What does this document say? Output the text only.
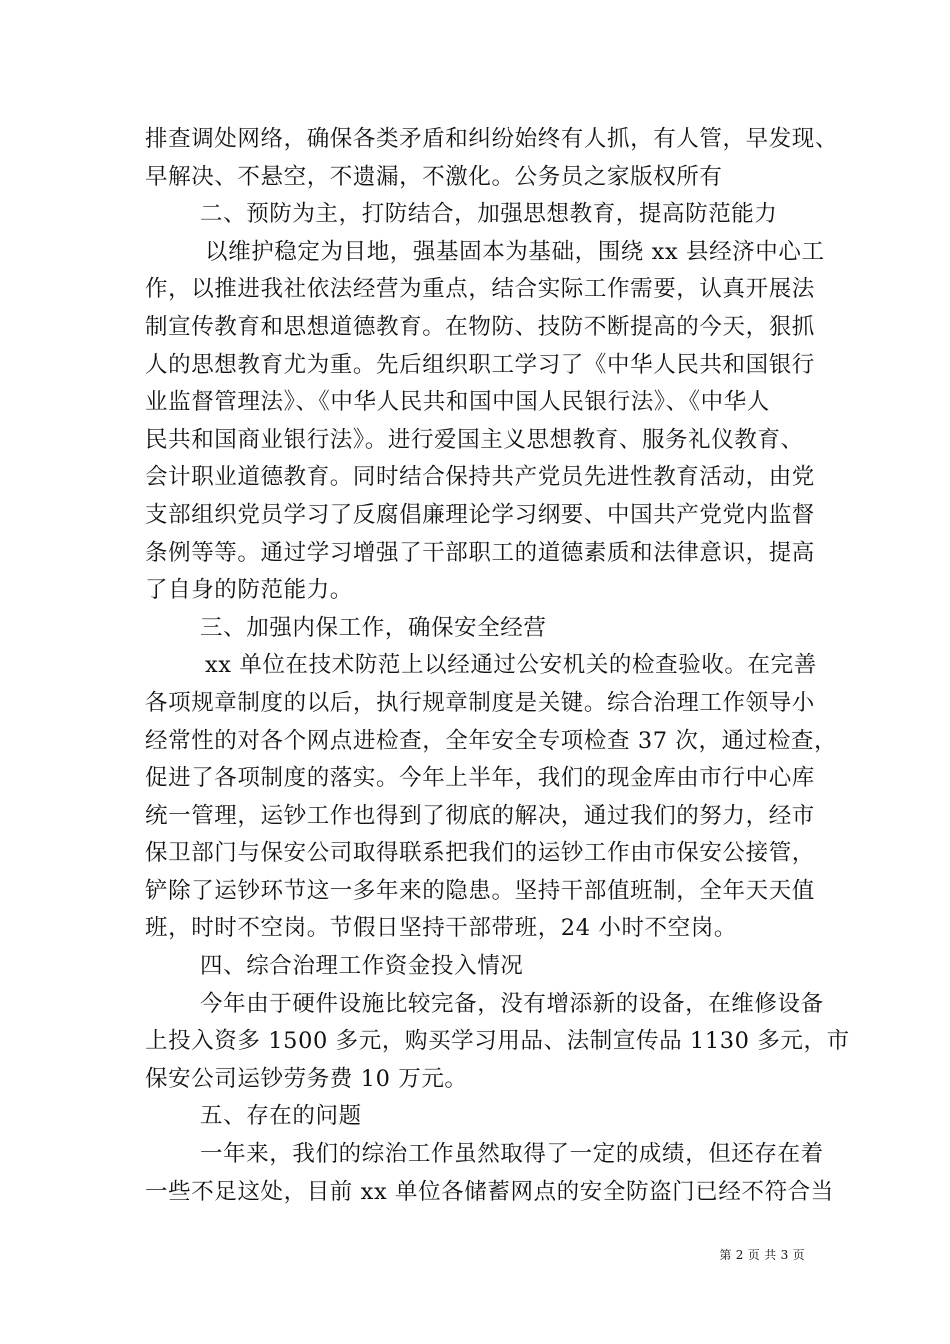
排查调处网络，确保各类矛盾和纠纷始终有人抓，有人管，早发现、
早解决、不悬空，不遗漏，不激化。公务员之家版权所有
二、预防为主，打防结合，加强思想教育，提高防范能力
以维护稳定为目地，强基固本为基础，围绕 xx 县经济中心工
作，以推进我社依法经营为重点，结合实际工作需要，认真开展法
制宣传教育和思想道德教育。在物防、技防不断提高的今天，狠抓
人的思想教育尤为重。先后组织职工学习了《中华人民共和国银行
业监督管理法》、《中华人民共和国中国人民银行法》、《中华人
民共和国商业银行法》。进行爱国主义思想教育、服务礼仪教育、
会计职业道德教育。同时结合保持共产党员先进性教育活动，由党
支部组织党员学习了反腐倡廉理论学习纲要、中国共产党党内监督
条例等等。通过学习增强了干部职工的道德素质和法律意识，提高
了自身的防范能力。
三、加强内保工作，确保安全经营
xx 单位在技术防范上以经通过公安机关的检查验收。在完善
各项规章制度的以后，执行规章制度是关键。综合治理工作领导小
经常性的对各个网点进检查，全年安全专项检查 37 次，通过检查，
促进了各项制度的落实。今年上半年，我们的现金库由市行中心库
统一管理，运钞工作也得到了彻底的解决，通过我们的努力，经市
保卫部门与保安公司取得联系把我们的运钞工作由市保安公接管，
铲除了运钞环节这一多年来的隐患。坚持干部值班制，全年天天值
班，时时不空岗。节假日坚持干部带班，24 小时不空岗。
四、综合治理工作资金投入情况
今年由于硬件设施比较完备，没有增添新的设备，在维修设备
上投入资多 1500 多元，购买学习用品、法制宣传品 1130 多元，市
保安公司运钞劳务费 10 万元。
五、存在的问题
一年来，我们的综治工作虽然取得了一定的成绩，但还存在着
一些不足这处，目前 xx 单位各储蓄网点的安全防盗门已经不符合当
第 2 页 共 3 页
